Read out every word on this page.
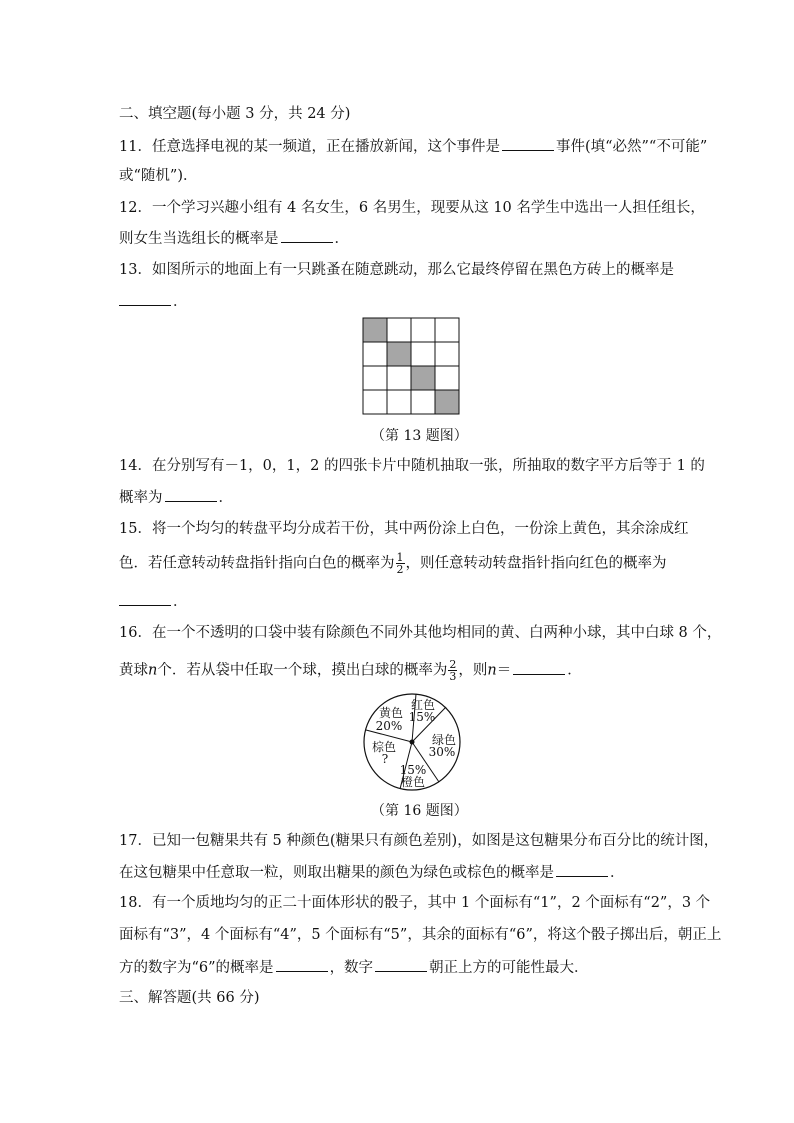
二、填空题(每小题 3 分，共 24 分)
11．任意选择电视的某一频道，正在播放新闻，这个事件是	事件(填“必然”“不可能”
或“随机”)．
12．一个学习兴趣小组有 4 名女生，6 名男生，现要从这 10 名学生中选出一人担任组长，
则女生当选组长的概率是	．
13．如图所示的地面上有一只跳蚤在随意跳动，那么它最终停留在黑色方砖上的概率是
．
（第 13 题图）
14．在分别写有－1，0，1，2 的四张卡片中随机抽取一张，所抽取的数字平方后等于 1 的
概率为	．
15．将一个均匀的转盘平均分成若干份，其中两份涂上白色，一份涂上黄色，其余涂成红
色．若任意转动转盘指针指向白色的概率为 $\frac{1}{2}$ ，则任意转动转盘指针指向红色的概率为
．
16．在一个不透明的口袋中装有除颜色不同外其他均相同的黄、白两种小球，其中白球 8 个，
黄球n个．若从袋中任取一个球，摸出白球的概率为 $\frac{2}{3}$ ，则n＝	．
红色
15%
绿色
30%
15%
橙色
棕色
?
黄色
20%
（第 16 题图）
17．已知一包糖果共有 5 种颜色(糖果只有颜色差别)，如图是这包糖果分布百分比的统计图，
在这包糖果中任意取一粒，则取出糖果的颜色为绿色或棕色的概率是	．
18．有一个质地均匀的正二十面体形状的骰子，其中 1 个面标有“1”，2 个面标有“2”，3 个
面标有“3”，4 个面标有“4”，5 个面标有“5”，其余的面标有“6”，将这个骰子掷出后，朝正上
方的数字为“6”的概率是	，数字	朝正上方的可能性最大．
三、解答题(共 66 分)
